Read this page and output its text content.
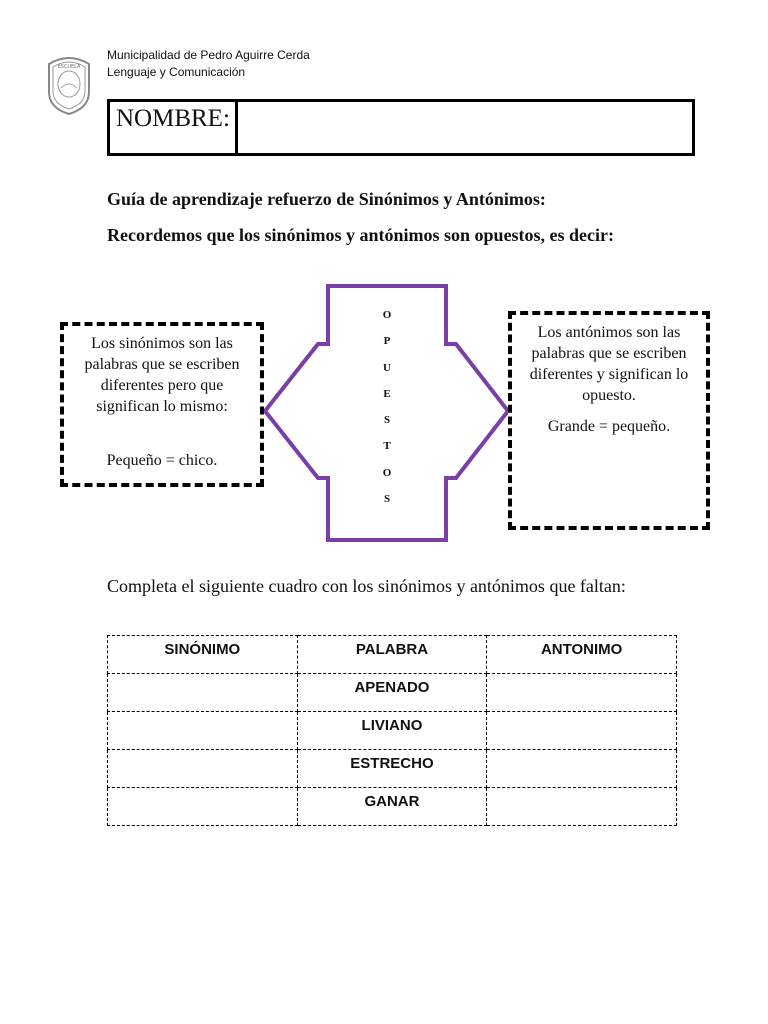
ESCUELA
Municipalidad de Pedro Aguirre Cerda
Lenguaje y Comunicación
NOMBRE:
Guía de aprendizaje refuerzo de Sinónimos y Antónimos:
Recordemos que los sinónimos y antónimos son opuestos, es decir:
O
P
U
E
S
T
O
S

Los sinónimos son las palabras que se escriben diferentes pero que significan lo mismo:

Pequeño = chico.

Los antónimos son las palabras que se escriben diferentes y significan lo opuesto.

Grande = pequeño.

Completa el siguiente cuadro con los sinónimos y antónimos que faltan:
SINÓNIMO	PALABRA	ANTONIMO
	APENADO	
	LIVIANO	
	ESTRECHO	
	GANAR	
